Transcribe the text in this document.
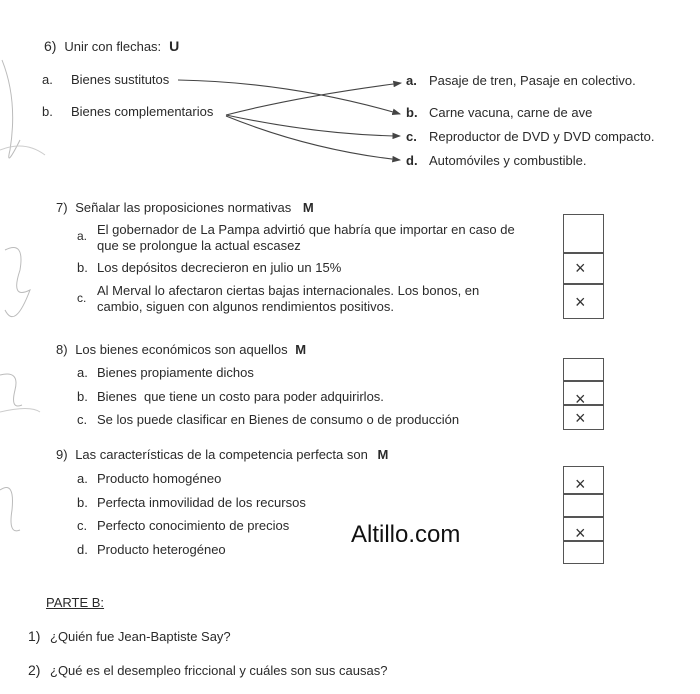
6) Unir con flechas: U
a. Bienes sustitutos
b. Bienes complementarios
a. Pasaje de tren, Pasaje en colectivo.
b. Carne vacuna, carne de ave
c. Reproductor de DVD y DVD compacto.
d. Automóviles y combustible.
7) Señalar las proposiciones normativas M
a. El gobernador de La Pampa advirtió que habría que importar en caso de
que se prolongue la actual escasez
b. Los depósitos decrecieron en julio un 15%
c. Al Merval lo afectaron ciertas bajas internacionales. Los bonos, en
cambio, siguen con algunos rendimientos positivos.
×
×
8) Los bienes económicos son aquellos M
a. Bienes propiamente dichos
b. Bienes  que tiene un costo para poder adquirirlos.
c. Se los puede clasificar en Bienes de consumo o de producción
×
×
9) Las características de la competencia perfecta son M
a. Producto homogéneo
b. Perfecta inmovilidad de los recursos
c. Perfecto conocimiento de precios
d. Producto heterogéneo
×
×
Altillo.com
PARTE B:
1) ¿Quién fue Jean-Baptiste Say?
2) ¿Qué es el desempleo friccional y cuáles son sus causas?
